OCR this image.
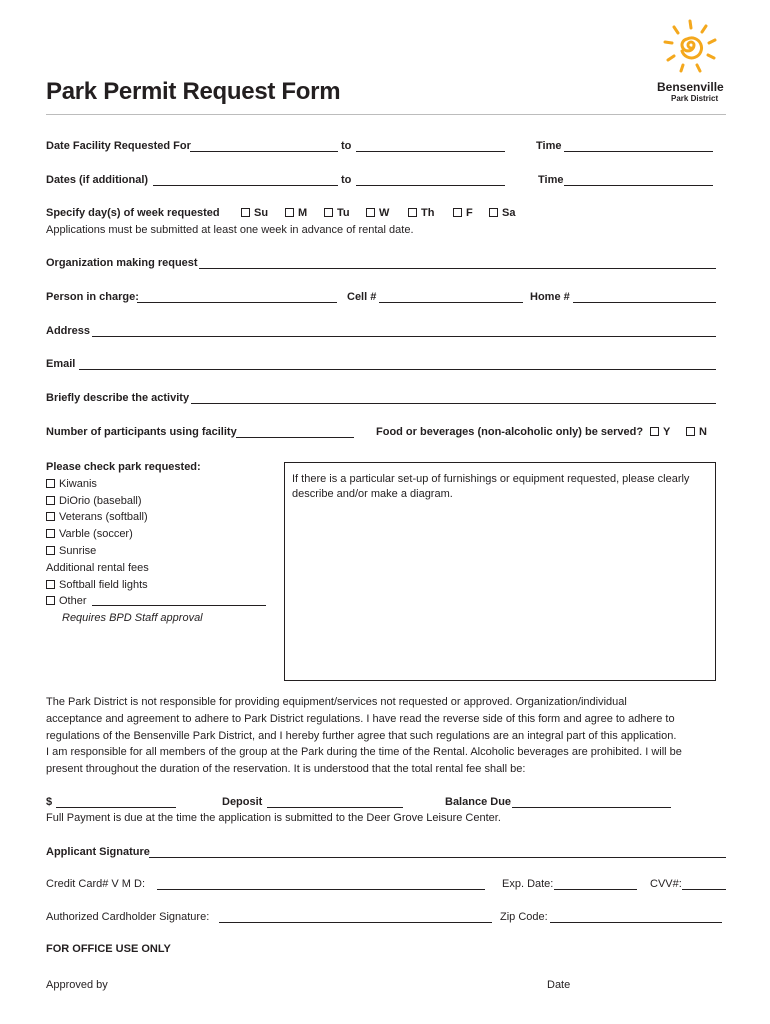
Bensenville
Park District
Park Permit Request Form
Date Facility Requested For	to	Time
Dates (if additional)	to	Time
Specify day(s) of week requested	Su	M	Tu	W	Th	F	Sa
Applications must be submitted at least one week in advance of rental date.
Organization making request
Person in charge:	Cell #	Home #
Address
Email
Briefly describe the activity
Number of participants using facility	Food or beverages (non-alcoholic only) be served?	Y	N
Please check park requested:
Kiwanis
DiOrio (baseball)
Veterans (softball)
Varble (soccer)
Sunrise
Additional rental fees
Softball field lights
Other
Requires BPD Staff approval
If there is a particular set-up of furnishings or equipment requested, please clearly describe and/or make a diagram.
The Park District is not responsible for providing equipment/services not requested or approved. Organization/individual
acceptance and agreement to adhere to Park District regulations. I have read the reverse side of this form and agree to adhere to
regulations of the Bensenville Park District, and I hereby further agree that such regulations are an integral part of this application.
I am responsible for all members of the group at the Park during the time of the Rental. Alcoholic beverages are prohibited. I will be
present throughout the duration of the reservation. It is understood that the total rental fee shall be:
$	Deposit	Balance Due
Full Payment is due at the time the application is submitted to the Deer Grove Leisure Center.
Applicant Signature
Credit Card# V M D:	Exp. Date:	CVV#:
Authorized Cardholder Signature:	Zip Code:
FOR OFFICE USE ONLY
Approved by	Date
